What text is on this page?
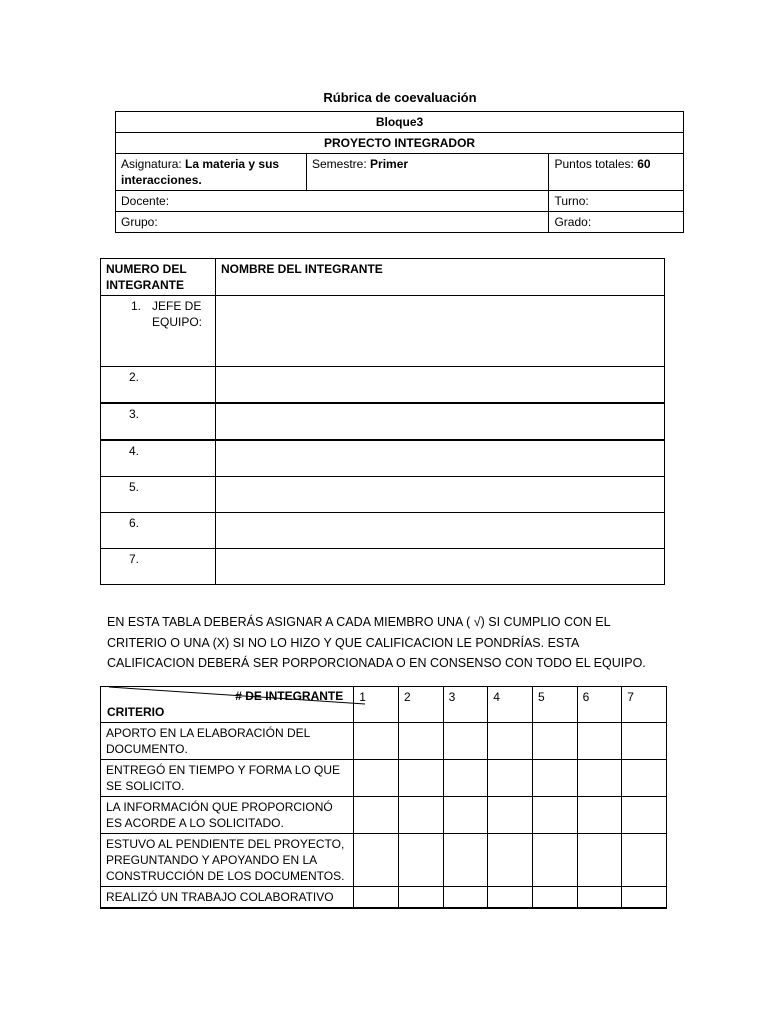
Rúbrica de coevaluación
Bloque3		
PROYECTO INTEGRADOR		
Asignatura: La materia y sus interacciones.	Semestre: Primer	Puntos totales: 60
Docente:		Turno:
Grupo:		Grado:
NUMERO DEL INTEGRANTE	NOMBRE DEL INTEGRANTE

1. JEFE DE EQUIPO:	

2.	
3.	
4.	
5.	
6.	
7.	
EN ESTA TABLA DEBERÁS ASIGNAR A CADA MIEMBRO UNA ( √) SI CUMPLIO CON EL CRITERIO O UNA (X) SI NO LO HIZO Y QUE CALIFICACION LE PONDRÍAS. ESTA CALIFICACION DEBERÁ SER PORPORCIONADA O EN CONSENSO CON TODO EL EQUIPO.
# DE INTEGRANTE
CRITERIO	1	2	3	4	5	6	7
APORTO EN LA ELABORACIÓN DEL DOCUMENTO.							
ENTREGÓ EN TIEMPO Y FORMA LO QUE SE SOLICITO.							
LA INFORMACIÓN QUE PROPORCIONÓ ES ACORDE A LO SOLICITADO.							
ESTUVO AL PENDIENTE DEL PROYECTO, PREGUNTANDO Y APOYANDO EN LA CONSTRUCCIÓN DE LOS DOCUMENTOS.							
REALIZÓ UN TRABAJO COLABORATIVO							
